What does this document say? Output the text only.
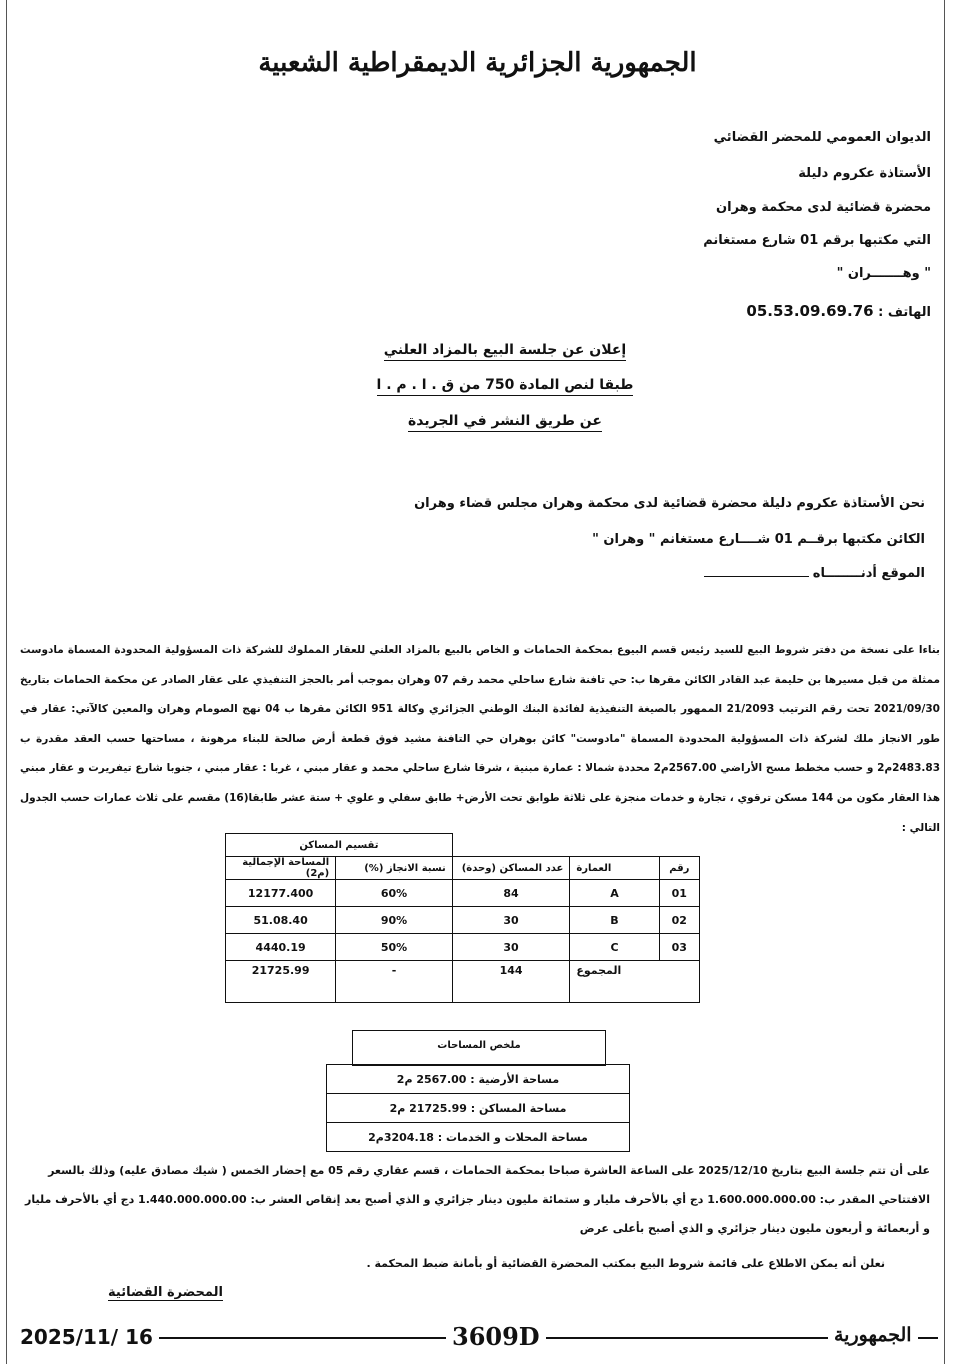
الجمهورية الجزائرية الديمقراطية الشعبية
الديوان العمومي للمحضر القضائي
الأستاذة عكروم دليلة
محضرة قضائية لدى محكمة وهران
التي مكتبها برقم 01 شارع مستغانم
" وهـــــــران "
الهاتف : 05.53.09.69.76
إعلان عن جلسة البيع بالمزاد العلني
طبقا لنص المادة 750 من ق . ا . م . ا
عن طريق النشر في الجريدة
نحن الأستاذة عكروم دليلة محضرة قضائية لدى محكمة وهران مجلس قضاء وهران
الكائن مكتبها برقــم 01 شــــارع مستغانم " وهران "
الموقع أدنــــــــاه
بناءا على نسخة من دفتر شروط البيع للسيد رئيس قسم البيوع بمحكمة الحمامات و الخاص بالبيع بالمزاد العلني للعقار المملوك للشركة ذات المسؤولية المحدودة المسماة مادوست ممثلة من قبل مسيرها بن حليمة عبد القادر الكائن مقرها ب: حي تافنة شارع ساحلي محمد رقم 07 وهران بموجب أمر بالحجز التنفيذي على عقار الصادر عن محكمة الحمامات بتاريخ 2021/09/30 تحت رقم الترتيب 21/2093 الممهور بالصيغة التنفيذية لفائدة البنك الوطني الجزائري وكالة 951 الكائن مقرها ب 04 نهج الصومام وهران والمعين كالآتي: عقار في طور الانجاز ملك لشركة ذات المسؤولية المحدودة المسماة "مادوست" كائن بوهران حي التافنة مشيد فوق قطعة أرض صالحة للبناء مرهونة ، مساحتها حسب العقد مقدرة ب 2483.83م2 و حسب مخطط مسح الأراضي 2567.00م2 محددة شمالا : عمارة مبنية ، شرقا شارع ساحلي محمد و عقار مبني ، غربا : عقار مبني ، جنوبا شارع تيفريرت و عقار مبني هذا العقار مكون من 144 مسكن ترقوي ، تجارة و خدمات منجزة على ثلاثة طوابق تحت الأرض+ طابق سفلي و علوي + ستة عشر طابقا(16) مقسم على ثلاث عمارات حسب الجدول التالي :
			تقسيم المساكن	
رقم	العمارة	عدد المساكن (وحدة)	نسبة الانجاز (%)	المساحة الإجمالية (م2)
01	A	84	60%	12177.400
02	B	30	90%	51.08.40
03	C	30	50%	4440.19
المجموع		144	-	21725.99
ملخص المساحات
مساحة الأرضية : 2567.00 م2
مساحة المساكن : 21725.99 م2
مساحة المحلات و الخدمات : 3204.18م2
على أن تتم جلسة البيع بتاريخ 2025/12/10 على الساعة العاشرة صباحا بمحكمة الحمامات ، قسم عقاري رقم 05 مع إحضار الخمس ( شيك مصادق عليه) وذلك بالسعر الافتتاحي المقدر ب: 1.600.000.000.00 دج أي بالأحرف مليار و ستمائة مليون دينار جزائري و الذي أصبح بعد إنقاص العشر ب: 1.440.000.000.00 دج أي بالأحرف مليار و أربعمائة و أربعون مليون دينار جزائري و الذي أصبح بأعلى عرض
نعلن أنه يمكن الاطلاع على قائمة شروط البيع بمكتب المحضرة القضائية أو بأمانة ضبط المحكمة .
المحضرة القضائية
2025/11/ 16	3609D	الجمهورية
